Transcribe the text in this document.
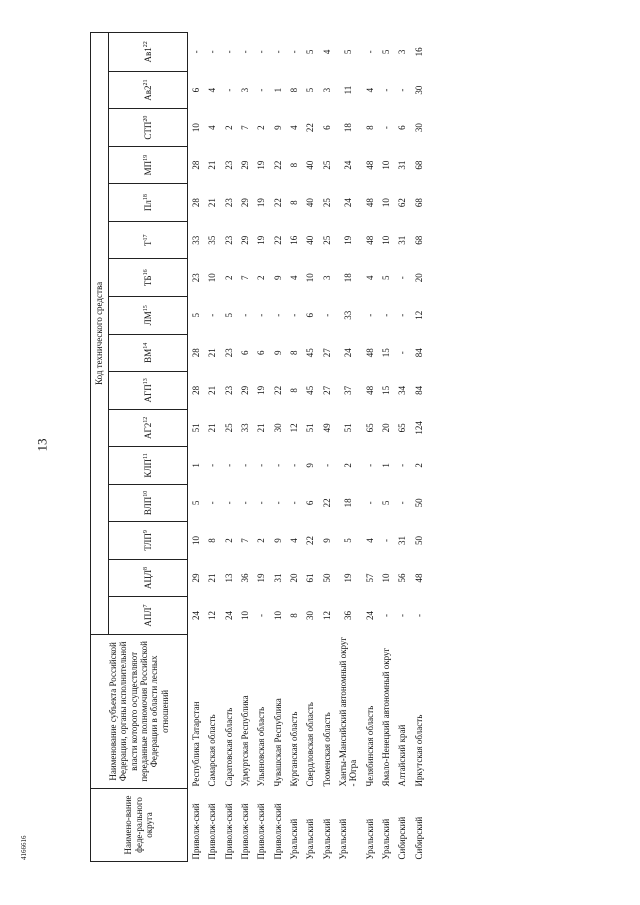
13
4166616	Наимено-вание феде-рального округа	Наименование субъекта Российской Федерации, органы исполнительной власти которого осуществляют переданные полномочия Российской Федерации в области лесных отношений	Код технического средства															
		АПЛ$^7$	АЦЛ$^8$	ТЛП$^9$	ВЛП$^{10}$	КЛП$^{11}$	$АГ2^{12}$	АГП$^{13}$	ВМ$^{14}$	ЛМ$^{15}$	ТБ$^{16}$	$Т^{17}$	$Пл^{18}$	МП$^{19}$	СТП$^{20}$	$Ав2^{21}$	$Ав1^{22}$
Приволж-ский	Республика Татарстан	24	29	10	5	1	51	28	28	5	23	33	28	28	10	6	-
Приволж-ский	Самарская область	12	21	8	-	-	21	21	21	-	10	35	21	21	4	4	-
Приволж-ский	Саратовская область	24	13	2	-	-	25	23	23	5	2	23	23	23	2	-	-
Приволж-ский	Удмуртская Республика	10	36	7	-	-	33	29	6	-	7	29	29	29	7	3	-
Приволж-ский	Ульяновская область	-	19	2	-	-	21	19	6	-	2	19	19	19	2	-	-
Приволж-ский	Чувашская Республика	10	31	9	-	-	30	22	9	-	9	22	22	22	9	1	-
Уральский	Курганская область	8	20	4	-	-	12	8	8	-	4	16	8	8	4	8	-
Уральский	Свердловская область	30	61	22	6	9	51	45	45	6	10	40	40	40	22	5	5
Уральский	Тюменская область	12	50	9	22	-	49	27	27	-	3	25	25	25	6	3	4
Уральский	Ханты-Мансийский автономный округ - Югра	36	19	5	18	2	51	37	24	33	18	19	24	24	18	11	5
Уральский	Челябинская область	24	57	4	-	-	65	48	48	-	4	48	48	48	8	4	-
Уральский	Ямало-Ненецкий автономный округ	-	10	-	5	1	20	15	15	-	5	10	10	10	-	-	5
Сибирский	Алтайский край	-	56	31	-	-	65	34	-	-	-	31	62	31	6	-	3
Сибирский	Иркутская область	-	48	50	50	2	124	84	84	12	20	68	68	68	30	30	16
